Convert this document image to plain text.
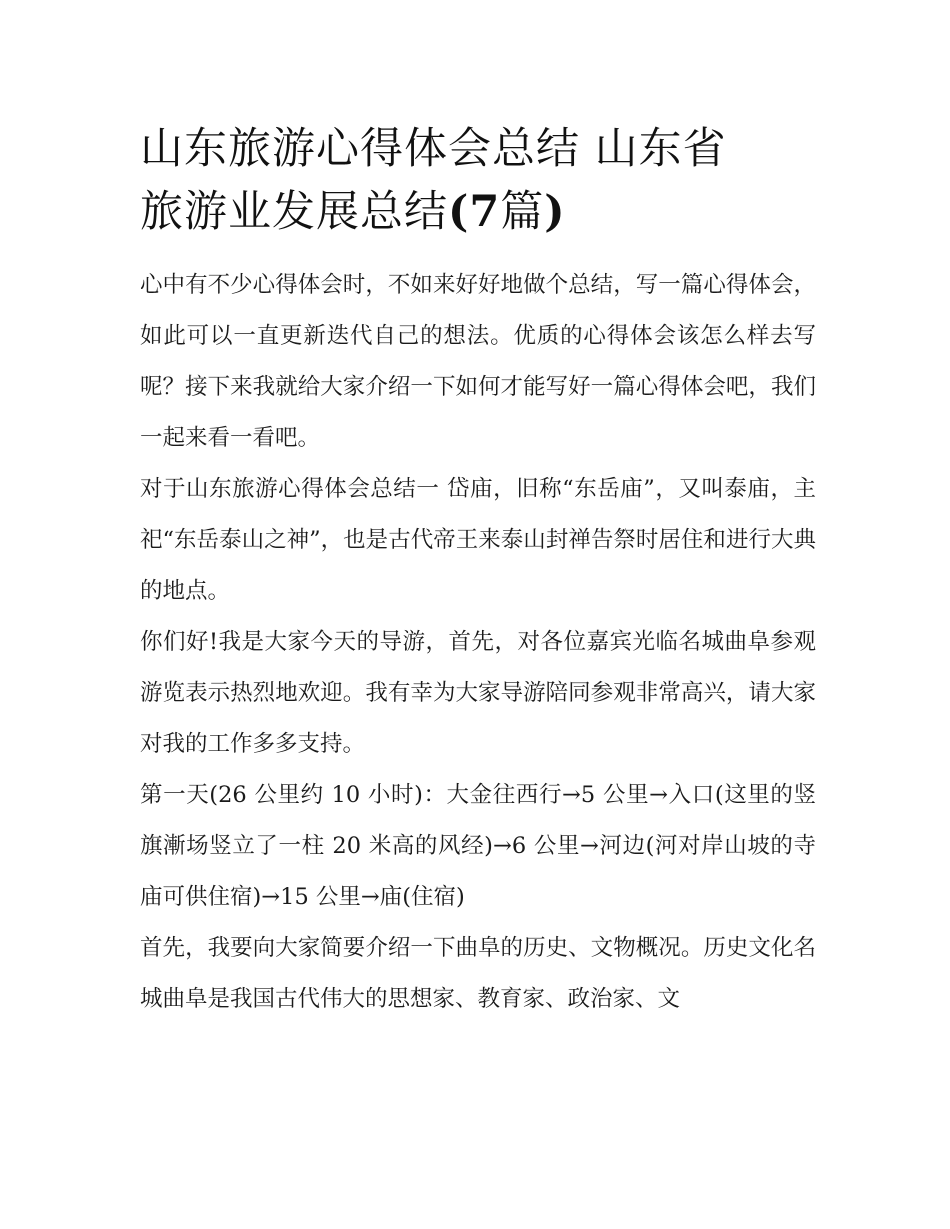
山东旅游心得体会总结 山东省
旅游业发展总结(7篇)

心中有不少心得体会时，不如来好好地做个总结，写一篇心得体会，如此可以一直更新迭代自己的想法。优质的心得体会该怎么样去写呢？接下来我就给大家介绍一下如何才能写好一篇心得体会吧，我们一起来看一看吧。

对于山东旅游心得体会总结一 岱庙，旧称“东岳庙”，又叫泰庙，主祀“东岳泰山之神”，也是古代帝王来泰山封禅告祭时居住和进行大典的地点。

你们好!我是大家今天的导游，首先，对各位嘉宾光临名城曲阜参观游览表示热烈地欢迎。我有幸为大家导游陪同参观非常高兴，请大家对我的工作多多支持。

第一天(26 公里约 10 小时)：大金往西行→5 公里→入口(这里的竖旗漸场竖立了一柱 20 米高的风经)→6 公里→河边(河对岸山坡的寺庙可供住宿)→15 公里→庙(住宿)

首先，我要向大家简要介绍一下曲阜的历史、文物概况。历史文化名城曲阜是我国古代伟大的思想家、教育家、政治家、文
